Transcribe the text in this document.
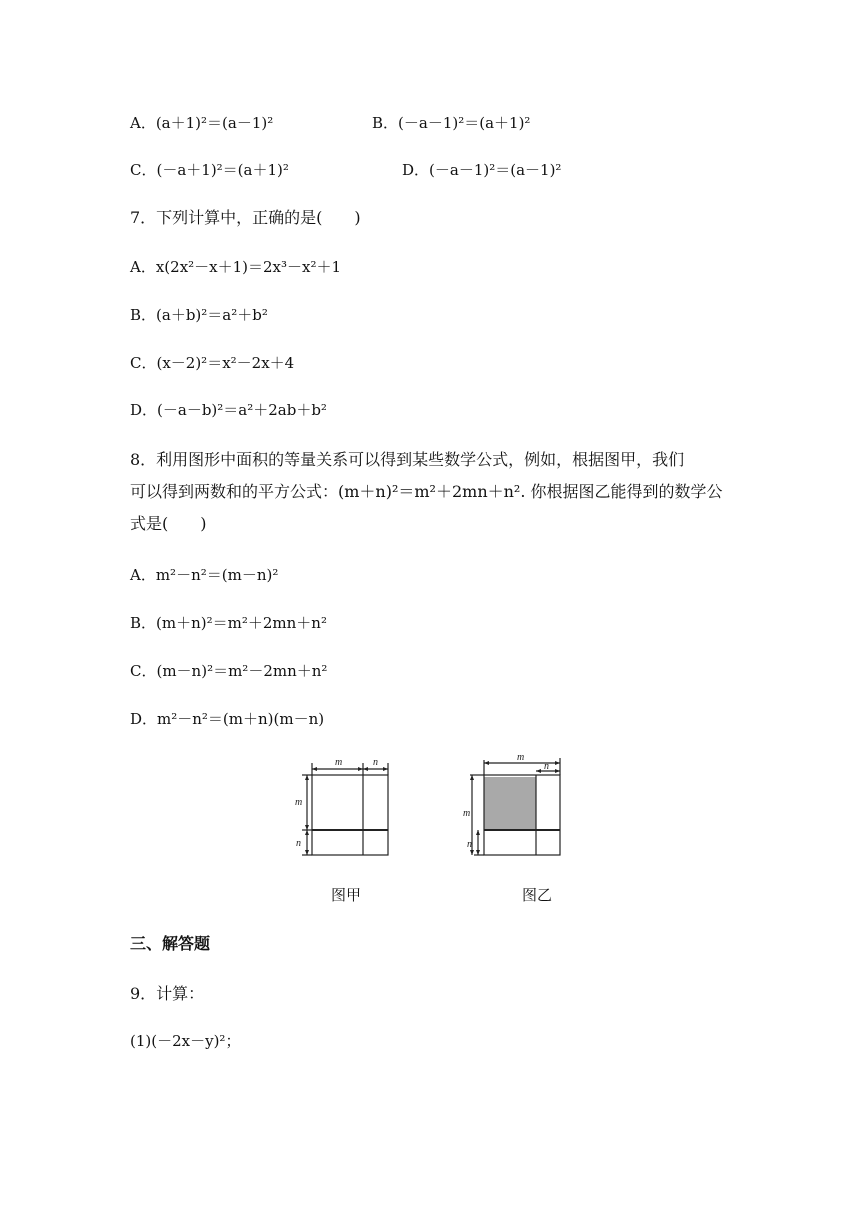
A．(a＋1)²＝(a－1)²	B．(－a－1)²＝(a＋1)²
C．(－a＋1)²＝(a＋1)²	D．(－a－1)²＝(a－1)²
7．下列计算中，正确的是(　　)
A．x(2x²－x＋1)＝2x³－x²＋1
B．(a＋b)²＝a²＋b²
C．(x－2)²＝x²－2x＋4
D．(－a－b)²＝a²＋2ab＋b²
8．利用图形中面积的等量关系可以得到某些数学公式，例如，根据图甲，我们
可以得到两数和的平方公式：(m＋n)²＝m²＋2mn＋n². 你根据图乙能得到的数学公
式是(　　)
A．m²－n²＝(m－n)²
B．(m＋n)²＝m²＋2mn＋n²
C．(m－n)²＝m²－2mn＋n²
D．m²－n²＝(m＋n)(m－n)
m	n
m
n
m
n
m
n
图甲	图乙
三、解答题
9．计算：
(1)(－2x－y)²；
